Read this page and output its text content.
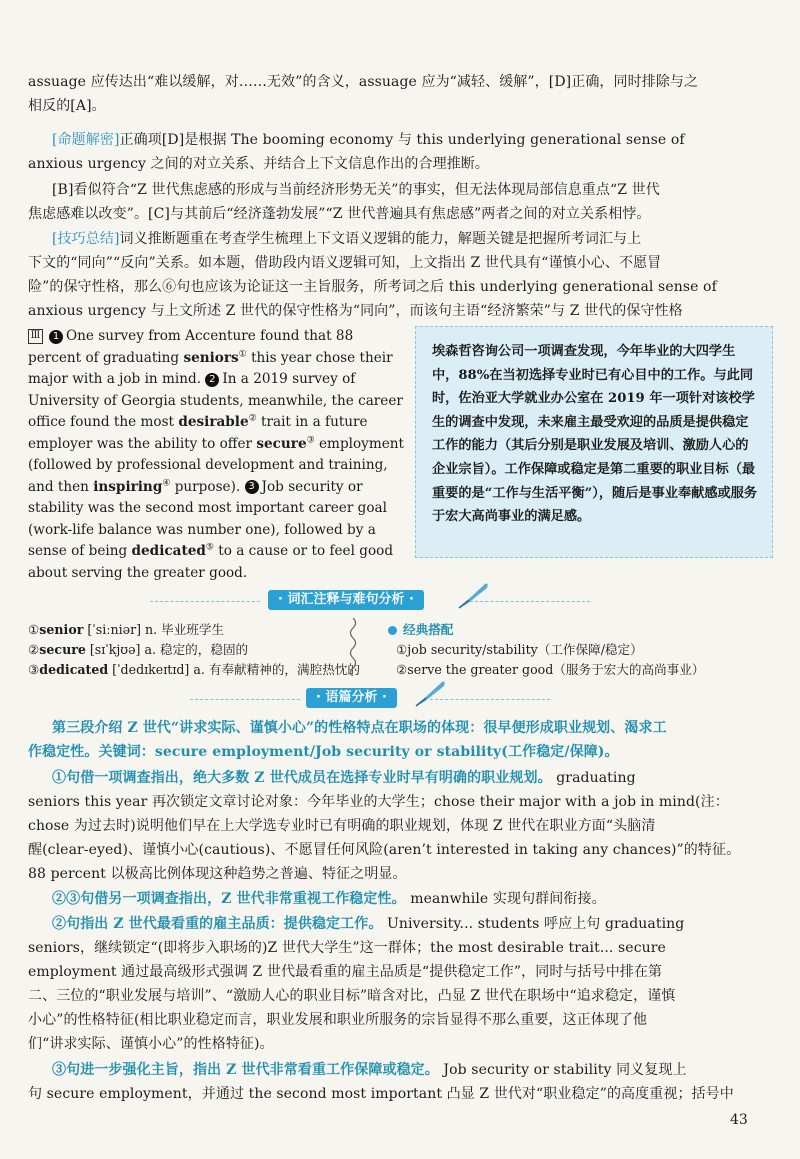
assuage 应传达出“难以缓解，对……无效”的含义，assuage 应为“减轻、缓解”，[D]正确，同时排除与之
相反的[A]。
[命题解密]正确项[D]是根据 The booming economy 与 this underlying generational sense of
anxious urgency 之间的对立关系、并结合上下文信息作出的合理推断。
[B]看似符合“Z 世代焦虑感的形成与当前经济形势无关”的事实，但无法体现局部信息重点“Z 世代
焦虑感难以改变”。[C]与其前后“经济蓬勃发展”“Z 世代普遍具有焦虑感”两者之间的对立关系相悖。
[技巧总结]词义推断题重在考查学生梳理上下文语义逻辑的能力，解题关键是把握所考词汇与上
下文的“同向”“反向”关系。如本题，借助段内语义逻辑可知，上文指出 Z 世代具有“谨慎小心、不愿冒
险”的保守性格，那么⑥句也应该为论证这一主旨服务，所考词之后 this underlying generational sense of
anxious urgency 与上文所述 Z 世代的保守性格为“同向”，而该句主语“经济繁荣”与 Z 世代的保守性格
Ⅲ 1 One survey from Accenture found that 88 percent of graduating seniors① this year chose their major with a job in mind. 2 In a 2019 survey of University of Georgia students, meanwhile, the career office found the most desirable② trait in a future employer was the ability to offer secure③ employment (followed by professional development and training, and then inspiring④ purpose). 3 Job security or stability was the second most important career goal (work-life balance was number one), followed by a sense of being dedicated⑤ to a cause or to feel good about serving the greater good.
埃森哲咨询公司一项调查发现，今年毕业的大四学生中，88%在当初选择专业时已有心目中的工作。与此同时，佐治亚大学就业办公室在 2019 年一项针对该校学生的调查中发现，未来雇主最受欢迎的品质是提供稳定工作的能力（其后分别是职业发展及培训、激励人心的企业宗旨）。工作保障或稳定是第二重要的职业目标（最重要的是“工作与生活平衡”），随后是事业奉献感或服务于宏大高尚事业的满足感。
· 词汇注释与难句分析 ·
①senior [ˈsiːniər] n. 毕业班学生
②secure [sɪˈkjʊə] a. 稳定的，稳固的
③dedicated [ˈdedɪkeɪtɪd] a. 有奉献精神的，满腔热忱的
经典搭配
①job security/stability（工作保障/稳定）
②serve the greater good（服务于宏大的高尚事业）
· 语篇分析 ·
第三段介绍 Z 世代“讲求实际、谨慎小心”的性格特点在职场的体现：很早便形成职业规划、渴求工
作稳定性。关键词：secure employment/Job security or stability(工作稳定/保障)。
①句借一项调查指出，绝大多数 Z 世代成员在选择专业时早有明确的职业规划。 graduating
seniors this year 再次锁定文章讨论对象：今年毕业的大学生；chose their major with a job in mind(注：
chose 为过去时)说明他们早在上大学选专业时已有明确的职业规划，体现 Z 世代在职业方面“头脑清
醒(clear-eyed)、谨慎小心(cautious)、不愿冒任何风险(aren’t interested in taking any chances)”的特征。
88 percent 以极高比例体现这种趋势之普遍、特征之明显。
②③句借另一项调查指出，Z 世代非常重视工作稳定性。 meanwhile 实现句群间衔接。
②句指出 Z 世代最看重的雇主品质：提供稳定工作。 University... students 呼应上句 graduating
seniors，继续锁定“(即将步入职场的)Z 世代大学生”这一群体；the most desirable trait... secure
employment 通过最高级形式强调 Z 世代最看重的雇主品质是“提供稳定工作”，同时与括号中排在第
二、三位的“职业发展与培训”、“激励人心的职业目标”暗含对比，凸显 Z 世代在职场中“追求稳定，谨慎
小心”的性格特征(相比职业稳定而言，职业发展和职业所服务的宗旨显得不那么重要，这正体现了他
们“讲求实际、谨慎小心”的性格特征)。
③句进一步强化主旨，指出 Z 世代非常看重工作保障或稳定。 Job security or stability 同义复现上
句 secure employment，并通过 the second most important 凸显 Z 世代对“职业稳定”的高度重视；括号中
43
